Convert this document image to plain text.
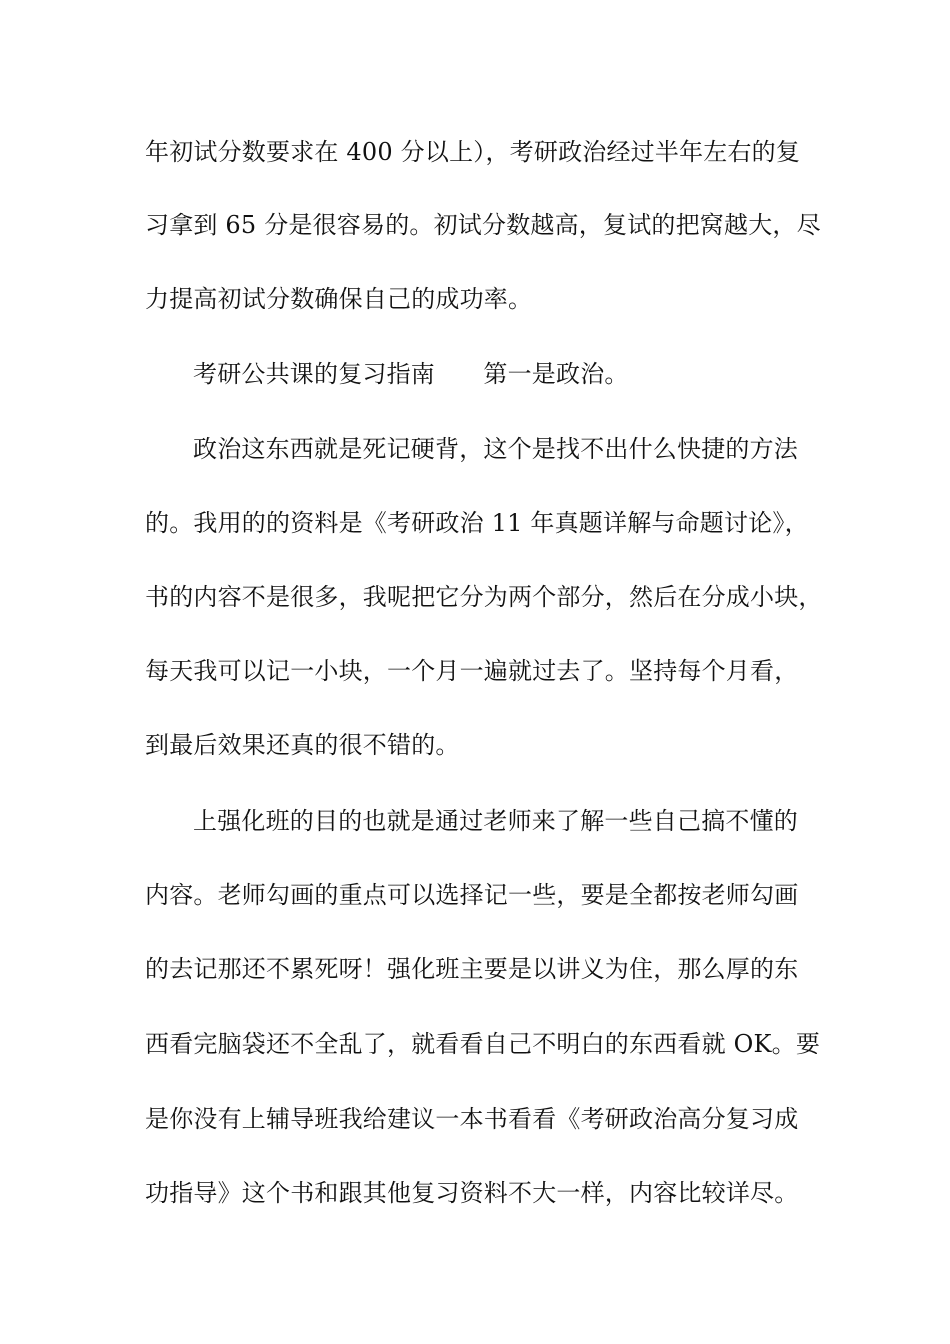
年初试分数要求在 400 分以上），考研政治经过半年左右的复
习拿到 65 分是很容易的。初试分数越高，复试的把窝越大，尽
力提高初试分数确保自己的成功率。
考研公共课的复习指南　　第一是政治。
政治这东西就是死记硬背，这个是找不出什么快捷的方法
的。我用的的资料是《考研政治 11 年真题详解与命题讨论》，
书的内容不是很多，我呢把它分为两个部分，然后在分成小块，
每天我可以记一小块，一个月一遍就过去了。坚持每个月看，
到最后效果还真的很不错的。
上强化班的目的也就是通过老师来了解一些自己搞不懂的
内容。老师勾画的重点可以选择记一些，要是全都按老师勾画
的去记那还不累死呀！强化班主要是以讲义为住，那么厚的东
西看完脑袋还不全乱了，就看看自己不明白的东西看就 OK。要
是你没有上辅导班我给建议一本书看看《考研政治高分复习成
功指导》这个书和跟其他复习资料不大一样，内容比较详尽。
